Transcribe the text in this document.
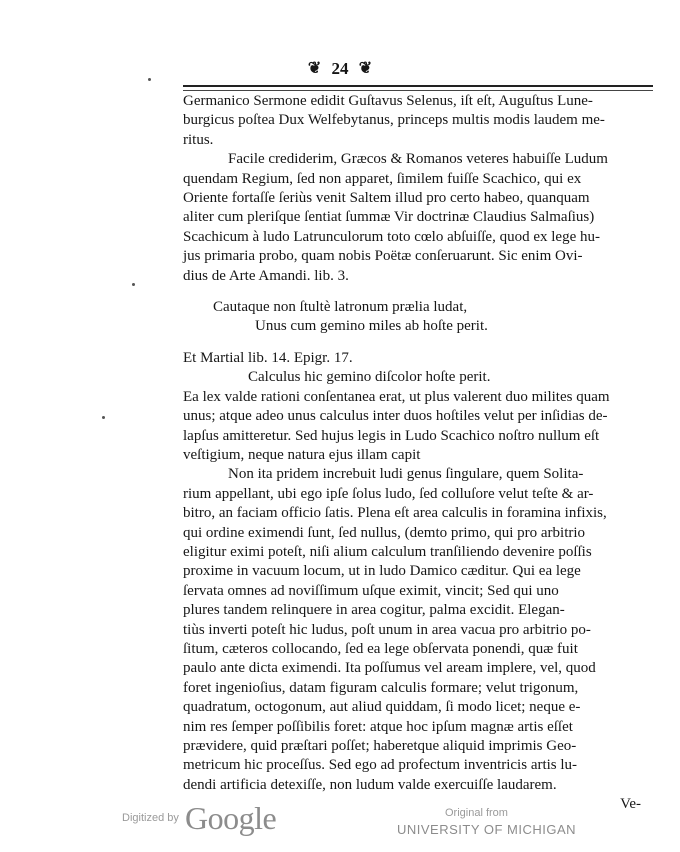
❦ 24 ❦

Germanico Sermone edidit Guſtavus Selenus, iſt eſt, Auguſtus Lune-
burgicus poſtea Dux Welfebytanus, princeps multis modis laudem me-
ritus.

Facile crediderim, Græcos & Romanos veteres habuiſſe Ludum
quendam Regium, ſed non apparet, ſimilem fuiſſe Scachico, qui ex
Oriente fortaſſe ſeriùs venit Saltem illud pro certo habeo, quanquam
aliter cum pleriſque ſentiat ſummæ Vir doctrinæ Claudius Salmaſius)
Scachicum à ludo Latrunculorum toto cœlo abſuiſſe, quod ex lege hu-
jus primaria probo, quam nobis Poëtæ conſeruarunt. Sic enim Ovi-
dius de Arte Amandi. lib. 3.

Cautaque non ſtultè latronum prælia ludat,
Unus cum gemino miles ab hoſte perit.

Et Martial lib. 14. Epigr. 17.
Calculus hic gemino diſcolor hoſte perit.
Ea lex valde rationi conſentanea erat, ut plus valerent duo milites quam
unus; atque adeo unus calculus inter duos hoſtiles velut per inſidias de-
lapſus amitteretur. Sed hujus legis in Ludo Scachico noſtro nullum eſt
veſtigium, neque natura ejus illam capit

Non ita pridem increbuit ludi genus ſingulare, quem Solita-
rium appellant, ubi ego ipſe ſolus ludo, ſed colluſore velut teſte & ar-
bitro, an faciam officio ſatis. Plena eſt area calculis in foramina infixis,
qui ordine eximendi ſunt, ſed nullus, (demto primo, qui pro arbitrio
eligitur eximi poteſt, niſi alium calculum tranſiliendo devenire poſſis
proxime in vacuum locum, ut in ludo Damico cæditur. Qui ea lege
ſervata omnes ad noviſſimum uſque eximit, vincit; Sed qui uno
plures tandem relinquere in area cogitur, palma excidit. Elegan-
tiùs inverti poteſt hic ludus, poſt unum in area vacua pro arbitrio po-
ſitum, cæteros collocando, ſed ea lege obſervata ponendi, quæ fuit
paulo ante dicta eximendi. Ita poſſumus vel aream implere, vel, quod
foret ingenioſius, datam figuram calculis formare; velut trigonum,
quadratum, octogonum, aut aliud quiddam, ſi modo licet; neque e-
nim res ſemper poſſibilis foret: atque hoc ipſum magnæ artis eſſet
prævidere, quid præſtari poſſet; haberetque aliquid imprimis Geo-
metricum hic proceſſus. Sed ego ad profectum inventricis artis lu-
dendi artificia detexiſſe, non ludum valde exercuiſſe laudarem.

Ve-

Digitized by Google	Original from
UNIVERSITY OF MICHIGAN
